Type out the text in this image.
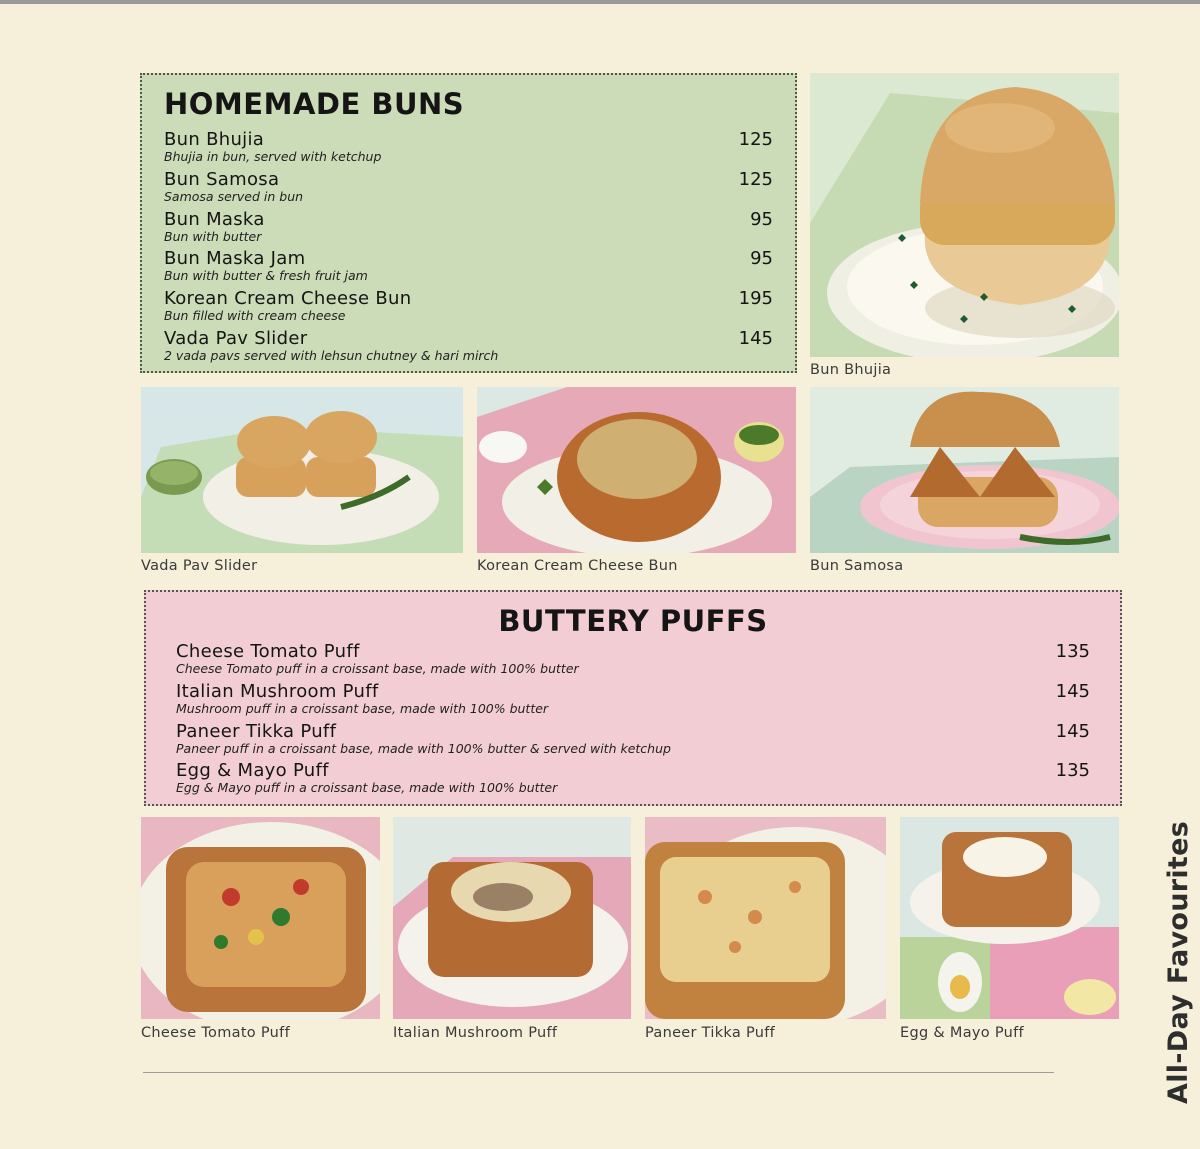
HOMEMADE BUNS
Bun Bhujia
Bhujia in bun, served with ketchup
125
Bun Samosa
Samosa served in bun
125
Bun Maska
Bun with butter
95
Bun Maska Jam
Bun with butter & fresh fruit jam
95
Korean Cream Cheese Bun
Bun filled with cream cheese
195
Vada Pav Slider
2 vada pavs served with lehsun chutney & hari mirch
145
Bun Bhujia
Vada Pav Slider	Korean Cream Cheese Bun	Bun Samosa
BUTTERY PUFFS
Cheese Tomato Puff
Cheese Tomato puff in a croissant base, made with 100% butter
135
Italian Mushroom Puff
Mushroom puff in a croissant base, made with 100% butter
145
Paneer Tikka Puff
Paneer puff in a croissant base, made with 100% butter & served with ketchup
145
Egg & Mayo Puff
Egg & Mayo puff in a croissant base, made with 100% butter
135
Cheese Tomato Puff	Italian Mushroom Puff	Paneer Tikka Puff	Egg & Mayo Puff	All-Day Favourites
